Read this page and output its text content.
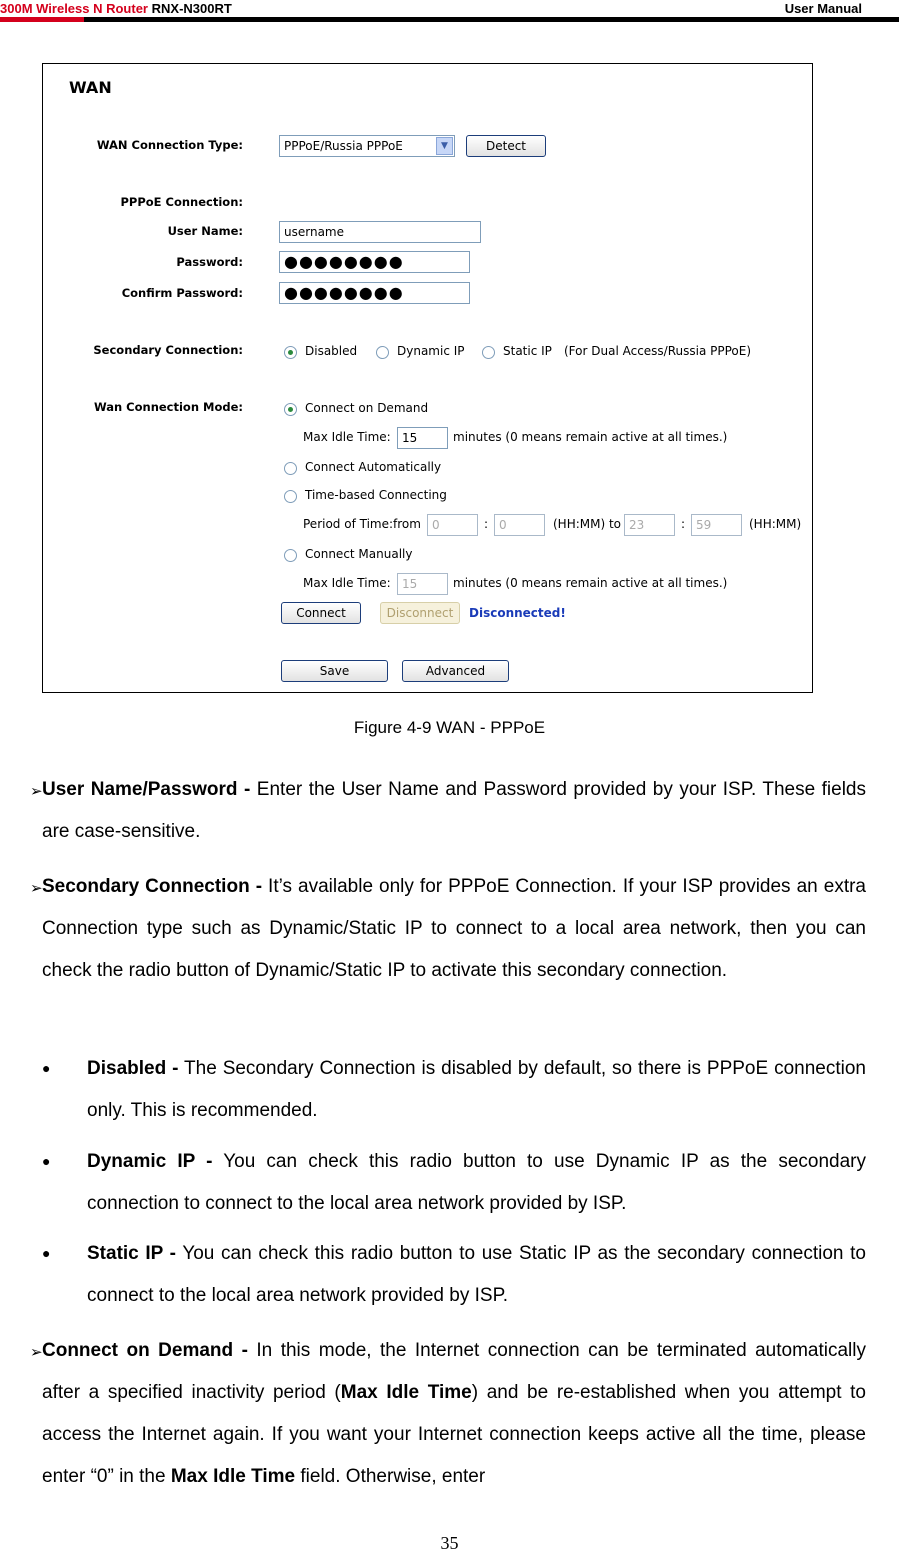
300M Wireless N Router RNX-N300RT	User Manual
WAN
WAN Connection Type:	PPPoE/Russia PPPoE	▼	Detect
PPPoE Connection:
User Name:	username
Password:	●●●●●●●●
Confirm Password:	●●●●●●●●
Secondary Connection:	Disabled	Dynamic IP	Static IP (For Dual Access/Russia PPPoE)
Wan Connection Mode:	Connect on Demand
Max Idle Time: 15	minutes (0 means remain active at all times.)
Connect Automatically
Time-based Connecting
Period of Time:from 0	: 0	(HH:MM) to 23	: 59	(HH:MM)
Connect Manually
Max Idle Time: 15	minutes (0 means remain active at all times.)
Connect	Disconnect	Disconnected!
Save	Advanced
Figure 4-9 WAN - PPPoE
➢ User Name/Password - Enter the User Name and Password provided by your ISP. These fields are case-sensitive.
➢ Secondary Connection - It’s available only for PPPoE Connection. If your ISP provides an extra Connection type such as Dynamic/Static IP to connect to a local area network, then you can check the radio button of Dynamic/Static IP to activate this secondary connection.
● Disabled - The Secondary Connection is disabled by default, so there is PPPoE connection only. This is recommended.
● Dynamic IP - You can check this radio button to use Dynamic IP as the secondary connection to connect to the local area network provided by ISP.
● Static IP - You can check this radio button to use Static IP as the secondary connection to connect to the local area network provided by ISP.
➢ Connect on Demand - In this mode, the Internet connection can be terminated automatically after a specified inactivity period (Max Idle Time) and be re-established when you attempt to access the Internet again. If you want your Internet connection keeps active all the time, please enter “0” in the Max Idle Time field. Otherwise, enter
35
